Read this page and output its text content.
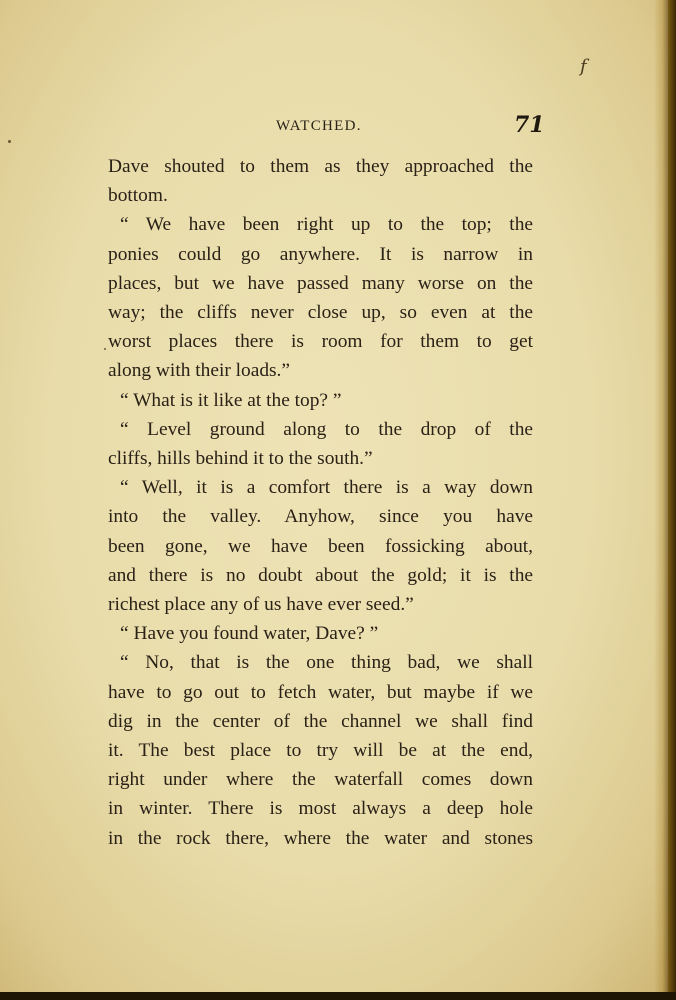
f
WATCHED.	71
Dave shouted to them as they approached the
bottom.
“ We have been right up to the top; the
ponies could go anywhere. It is narrow in
places, but we have passed many worse on the
way; the cliffs never close up, so even at the
worst places there is room for them to get
along with their loads.”
“ What is it like at the top? ”
“ Level ground along to the drop of the
cliffs, hills behind it to the south.”
“ Well, it is a comfort there is a way down
into the valley. Anyhow, since you have
been gone, we have been fossicking about,
and there is no doubt about the gold; it is the
richest place any of us have ever seed.”
“ Have you found water, Dave? ”
“ No, that is the one thing bad, we shall
have to go out to fetch water, but maybe if we
dig in the center of the channel we shall find
it. The best place to try will be at the end,
right under where the waterfall comes down
in winter. There is most always a deep hole
in the rock there, where the water and stones
